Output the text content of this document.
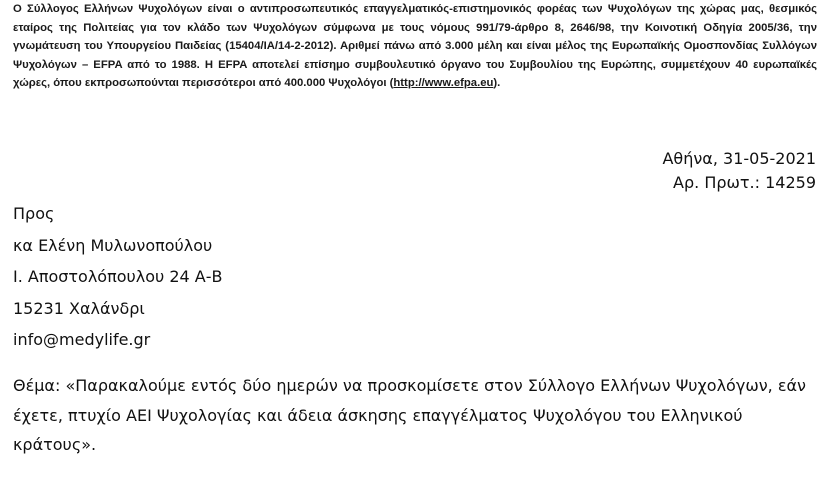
Ο Σύλλογος Ελλήνων Ψυχολόγων είναι ο αντιπροσωπευτικός επαγγελματικός-επιστημονικός φορέας των Ψυχολόγων της χώρας μας, θεσμικός εταίρος της Πολιτείας για τον κλάδο των Ψυχολόγων σύμφωνα με τους νόμους 991/79-άρθρο 8, 2646/98, την Κοινοτική Οδηγία 2005/36, την γνωμάτευση του Υπουργείου Παιδείας (15404/ΙΑ/14-2-2012). Αριθμεί πάνω από 3.000 μέλη και είναι μέλος της Ευρωπαϊκής Ομοσπονδίας Συλλόγων Ψυχολόγων – EFPA από το 1988. Η EFPA αποτελεί επίσημο συμβουλευτικό όργανο του Συμβουλίου της Ευρώπης, συμμετέχουν 40 ευρωπαϊκές χώρες, όπου εκπροσωπούνται περισσότεροι από 400.000 Ψυχολόγοι (http://www.efpa.eu).
Αθήνα, 31-05-2021
Αρ. Πρωτ.: 14259
Προς
κα Ελένη Μυλωνοπούλου
Ι. Αποστολόπουλου 24 Α-Β
15231 Χαλάνδρι
info@medylife.gr
Θέμα: «Παρακαλούμε εντός δύο ημερών να προσκομίσετε στον Σύλλογο Ελλήνων Ψυχολόγων, εάν έχετε, πτυχίο ΑΕΙ Ψυχολογίας και άδεια άσκησης επαγγέλματος Ψυχολόγου του Ελληνικού κράτους».
